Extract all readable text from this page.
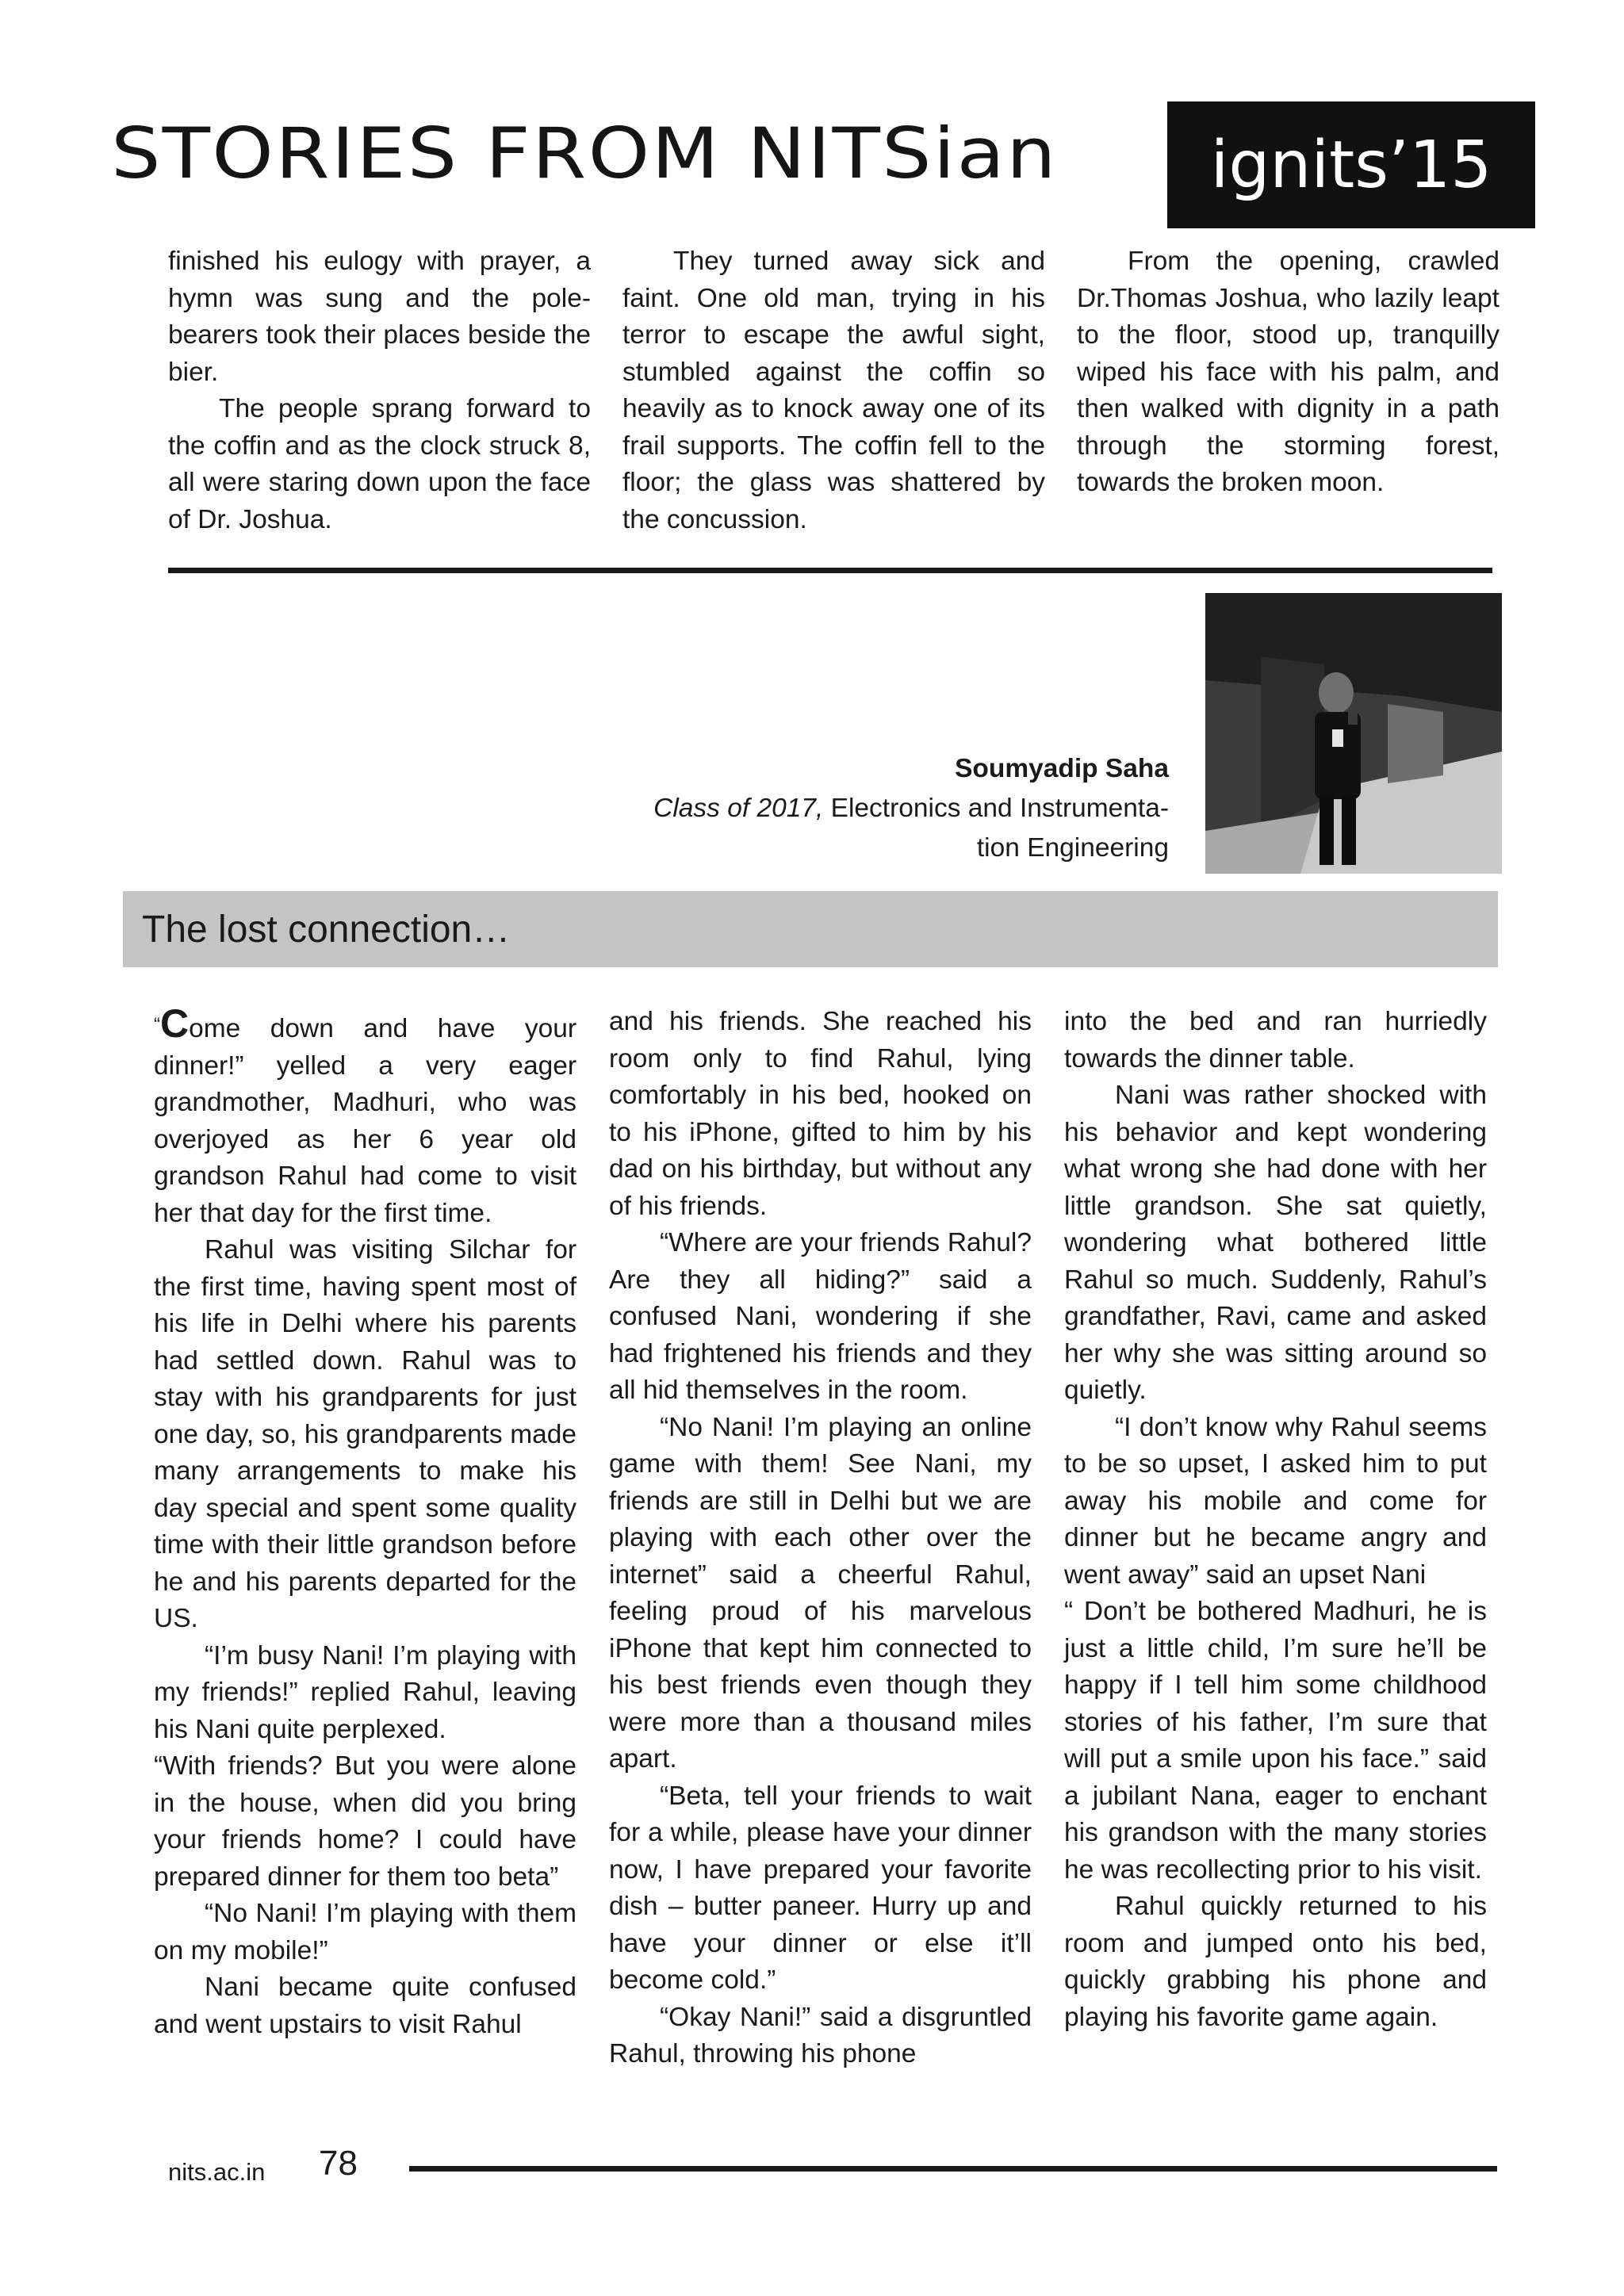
STORIES FROM NITSian	ignits’15

finished his eulogy with prayer, a hymn was sung and the pole-bearers took their places beside the bier.

The people sprang forward to the coffin and as the clock struck 8, all were staring down upon the face of Dr. Joshua.

They turned away sick and faint. One old man, trying in his terror to escape the awful sight, stumbled against the coffin so heavily as to knock away one of its frail supports. The coffin fell to the floor; the glass was shattered by the concussion.

From the opening, crawled Dr.Thomas Joshua, who lazily leapt to the floor, stood up, tranquilly wiped his face with his palm, and then walked with dignity in a path through the storming forest, towards the broken moon.

Soumyadip Saha
Class of 2017, Electronics and Instrumenta-
tion Engineering
The lost connection…

“Come down and have your dinner!” yelled a very eager grandmother, Madhuri, who was overjoyed as her 6 year old grandson Rahul had come to visit her that day for the first time.

Rahul was visiting Silchar for the first time, having spent most of his life in Delhi where his parents had settled down. Rahul was to stay with his grandparents for just one day, so, his grandparents made many arrangements to make his day special and spent some quality time with their little grandson before he and his parents departed for the US.

“I’m busy Nani! I’m playing with my friends!” replied Rahul, leaving his Nani quite perplexed.

“With friends? But you were alone in the house, when did you bring your friends home? I could have prepared dinner for them too beta”

“No Nani! I’m playing with them on my mobile!”

Nani became quite confused and went upstairs to visit Rahul

and his friends. She reached his room only to find Rahul, lying comfortably in his bed, hooked on to his iPhone, gifted to him by his dad on his birthday, but without any of his friends.

“Where are your friends Rahul? Are they all hiding?” said a confused Nani, wondering if she had frightened his friends and they all hid themselves in the room.

“No Nani! I’m playing an online game with them! See Nani, my friends are still in Delhi but we are playing with each other over the internet” said a cheerful Rahul, feeling proud of his marvelous iPhone that kept him connected to his best friends even though they were more than a thousand miles apart.

“Beta, tell your friends to wait for a while, please have your dinner now, I have prepared your favorite dish – butter paneer. Hurry up and have your dinner or else it’ll become cold.”

“Okay Nani!” said a disgruntled Rahul, throwing his phone

into the bed and ran hurriedly towards the dinner table.

Nani was rather shocked with his behavior and kept wondering what wrong she had done with her little grandson. She sat quietly, wondering what bothered little Rahul so much. Suddenly, Rahul’s grandfather, Ravi, came and asked her why she was sitting around so quietly.

“I don’t know why Rahul seems to be so upset, I asked him to put away his mobile and come for dinner but he became angry and went away” said an upset Nani

“ Don’t be bothered Madhuri, he is just a little child, I’m sure he’ll be happy if I tell him some childhood stories of his father, I’m sure that will put a smile upon his face.” said a jubilant Nana, eager to enchant his grandson with the many stories he was recollecting prior to his visit.

Rahul quickly returned to his room and jumped onto his bed, quickly grabbing his phone and playing his favorite game again.

nits.ac.in 78
